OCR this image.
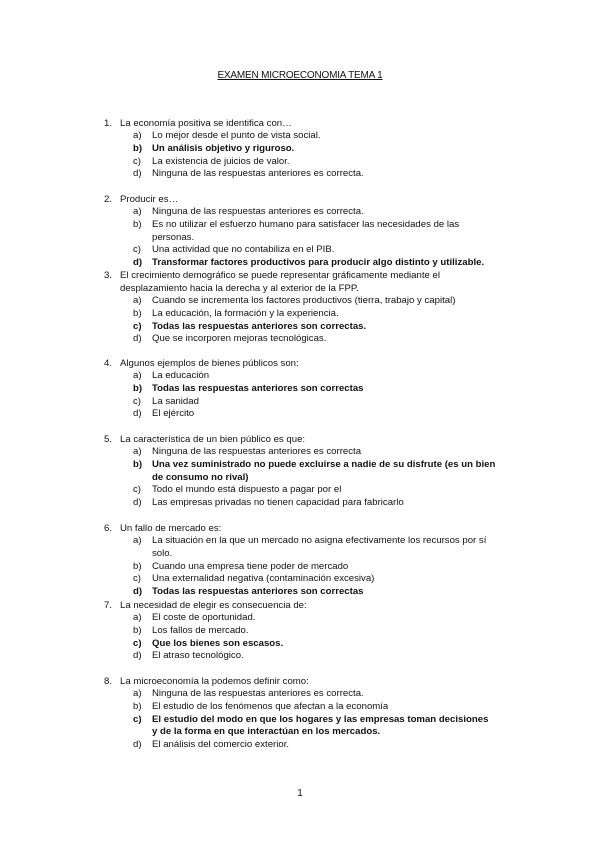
EXAMEN MICROECONOMIA TEMA 1
1. La economía positiva se identifica con…
a) Lo mejor desde el punto de vista social.
b) Un análisis objetivo y riguroso.
c) La existencia de juicios de valor.
d) Ninguna de las respuestas anteriores es correcta.
2. Producir es…
a) Ninguna de las respuestas anteriores es correcta.
b) Es no utilizar el esfuerzo humano para satisfacer las necesidades de las personas.
c) Una actividad que no contabiliza en el PIB.
d) Transformar factores productivos para producir algo distinto y utilizable.
3. El crecimiento demográfico se puede representar gráficamente mediante el desplazamiento hacia la derecha y al exterior de la FPP.
a) Cuando se incrementa los factores productivos (tierra, trabajo y capital)
b) La educación, la formación y la experiencia.
c) Todas las respuestas anteriores son correctas.
d) Que se incorporen mejoras tecnológicas.
4. Algunos ejemplos de bienes públicos son:
a) La educación
b) Todas las respuestas anteriores son correctas
c) La sanidad
d) El ejército
5. La característica de un bien público es que:
a) Ninguna de las respuestas anteriores es correcta
b) Una vez suministrado no puede excluirse a nadie de su disfrute (es un bien de consumo no rival)
c) Todo el mundo está dispuesto a pagar por el
d) Las empresas privadas no tienen capacidad para fabricarlo
6. Un fallo de mercado es:
a) La situación en la que un mercado no asigna efectivamente los recursos por sí solo.
b) Cuando una empresa tiene poder de mercado
c) Una externalidad negativa (contaminación excesiva)
d) Todas las respuestas anteriores son correctas
7. La necesidad de elegir es consecuencia de:
a) El coste de oportunidad.
b) Los fallos de mercado.
c) Que los bienes son escasos.
d) El atraso tecnológico.
8. La microeconomía la podemos definir como:
a) Ninguna de las respuestas anteriores es correcta.
b) El estudio de los fenómenos que afectan a la economía
c) El estudio del modo en que los hogares y las empresas toman decisiones y de la forma en que interactúan en los mercados.
d) El análisis del comercio exterior.
1
